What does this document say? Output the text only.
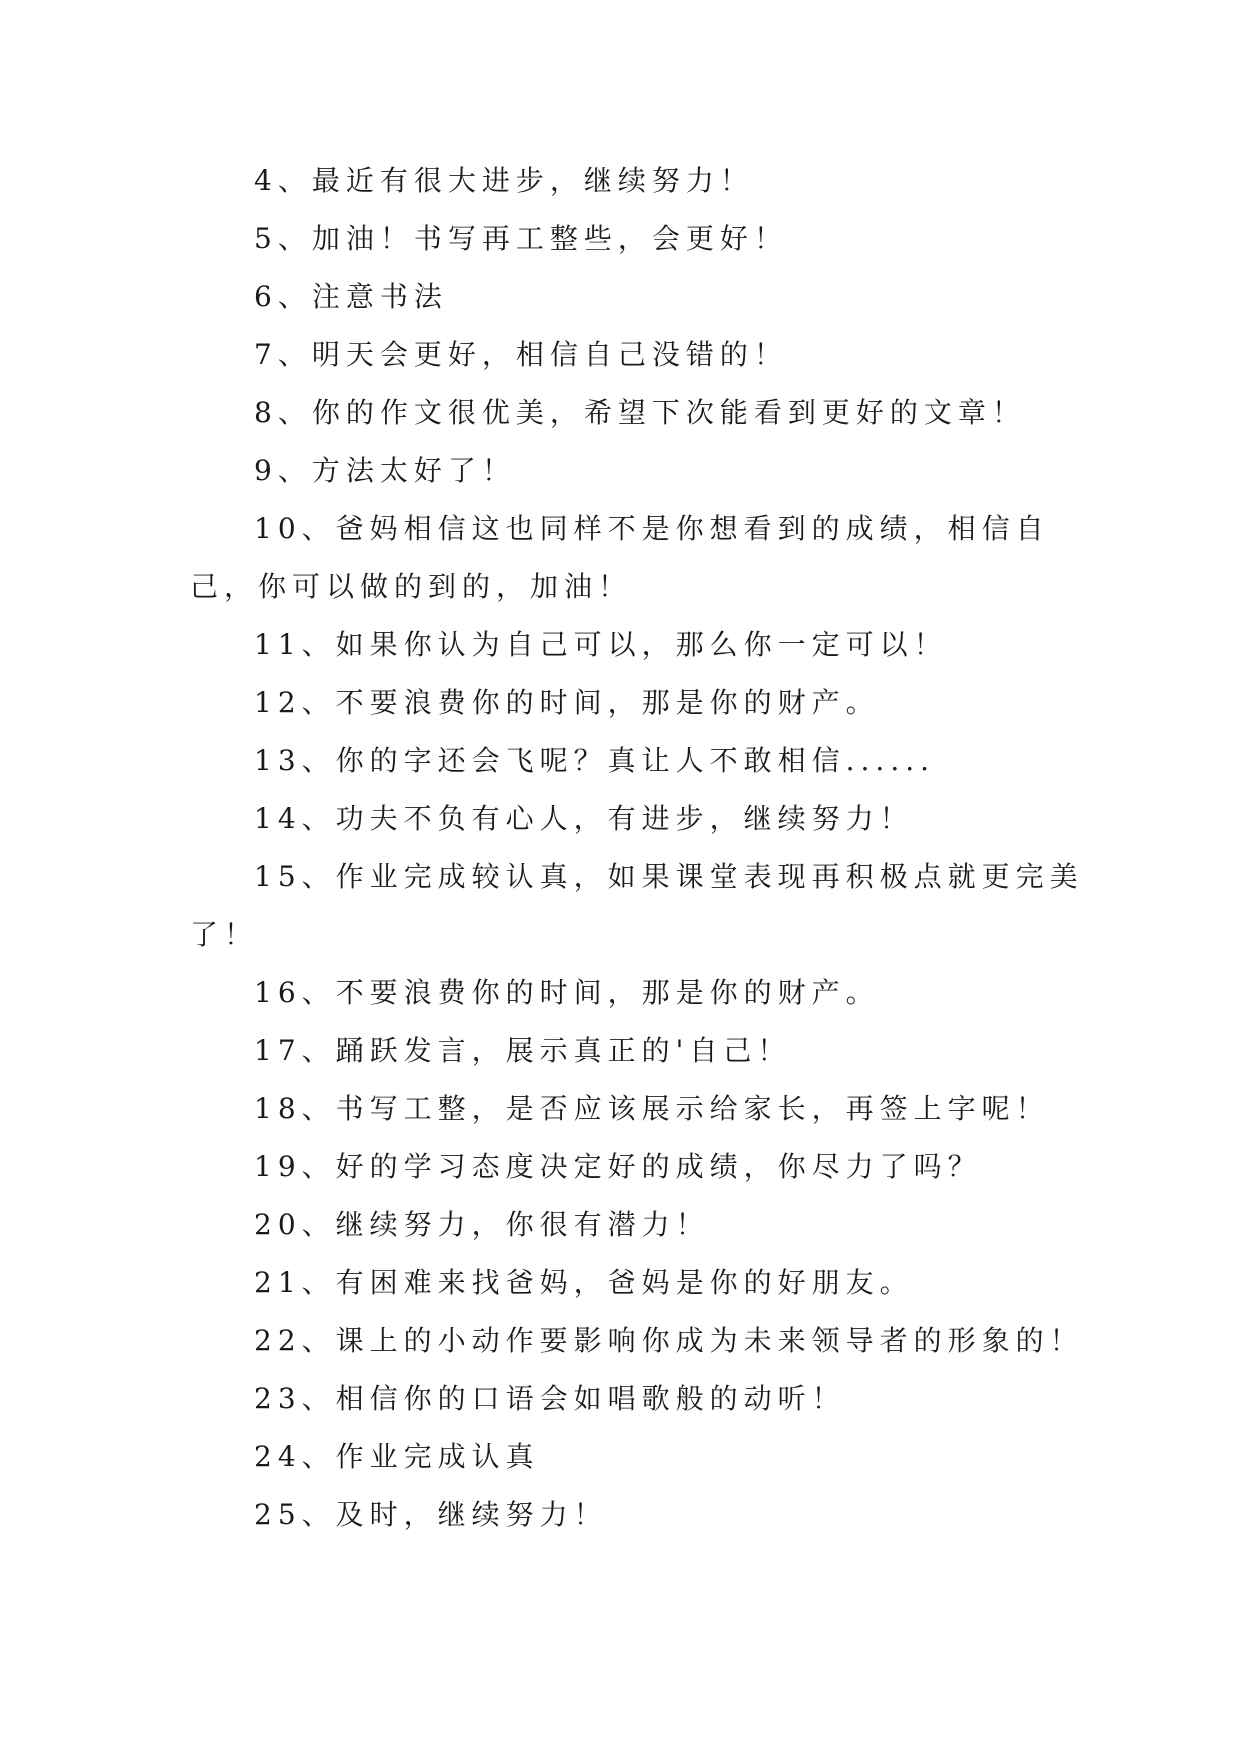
4、最近有很大进步，继续努力！

5、加油！书写再工整些，会更好！

6、注意书法

7、明天会更好，相信自己没错的！

8、你的作文很优美，希望下次能看到更好的文章！

9、方法太好了！

10、爸妈相信这也同样不是你想看到的成绩，相信自己，你可以做的到的，加油！

11、如果你认为自己可以，那么你一定可以！

12、不要浪费你的时间，那是你的财产。

13、你的字还会飞呢？真让人不敢相信......

14、功夫不负有心人，有进步，继续努力！

15、作业完成较认真，如果课堂表现再积极点就更完美了！

16、不要浪费你的时间，那是你的财产。

17、踊跃发言，展示真正的'自己！

18、书写工整，是否应该展示给家长，再签上字呢！

19、好的学习态度决定好的成绩，你尽力了吗？

20、继续努力，你很有潜力！

21、有困难来找爸妈，爸妈是你的好朋友。

22、课上的小动作要影响你成为未来领导者的形象的！

23、相信你的口语会如唱歌般的动听！

24、作业完成认真

25、及时，继续努力！
